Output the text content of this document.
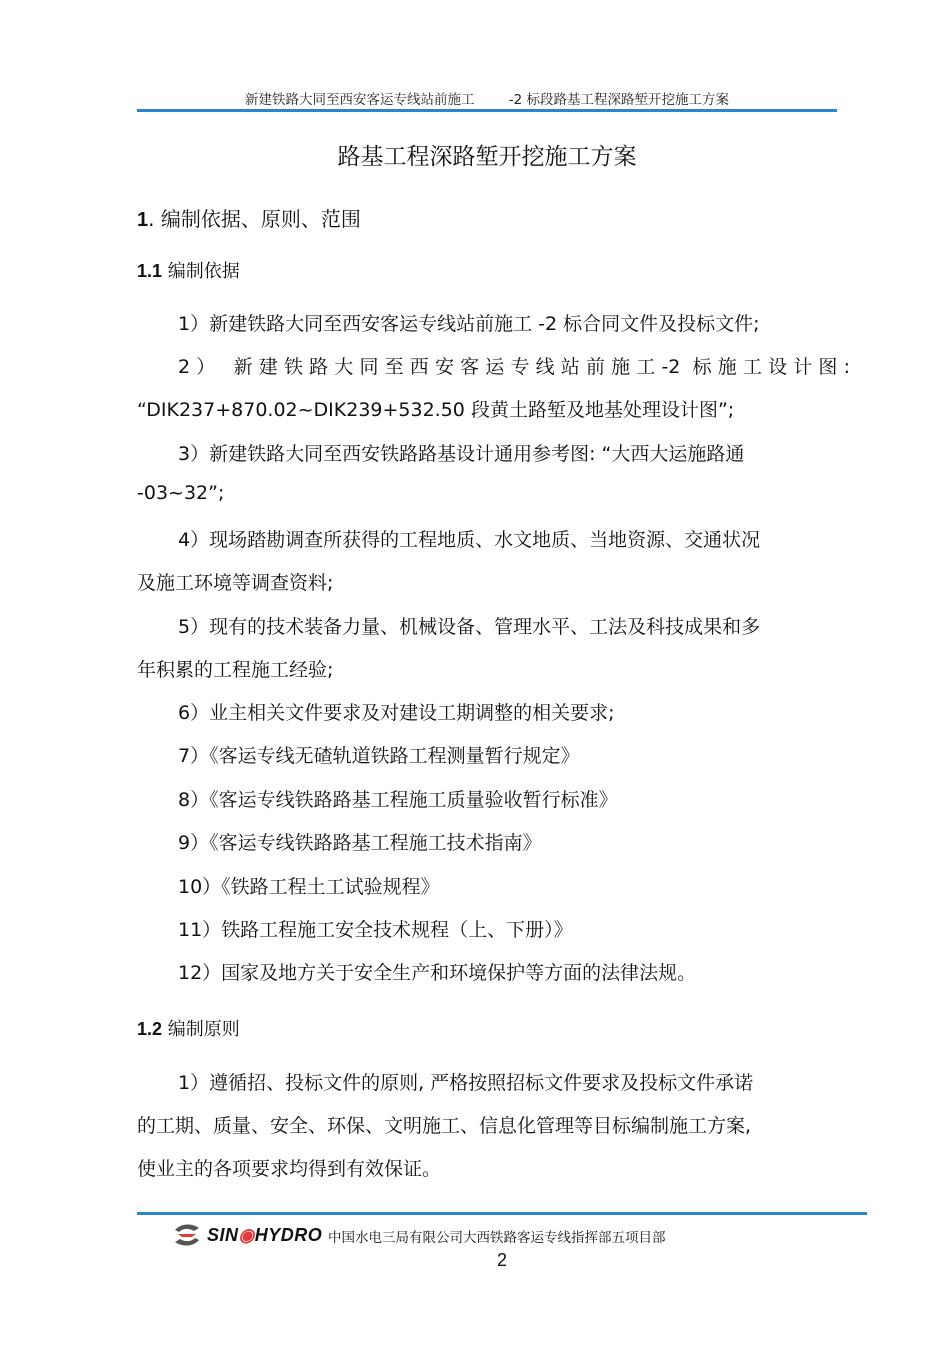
新建铁路大同至西安客运专线站前施工        -2 标段路基工程深路堑开挖施工方案
路基工程深路堑开挖施工方案
1. 编制依据、原则、范围
1.1 编制依据
1）新建铁路大同至西安客运专线站前施工 -2 标合同文件及投标文件;
2） 新建铁路大同至西安客运专线站前施工-2 标施工设计图:
“DIK237+870.02~DIK239+532.50 段黄土路堑及地基处理设计图”;
3）新建铁路大同至西安铁路路基设计通用参考图: “大西大运施路通
-03~32”;
4）现场踏勘调查所获得的工程地质、水文地质、当地资源、交通状况
及施工环境等调查资料;
5）现有的技术装备力量、机械设备、管理水平、工法及科技成果和多
年积累的工程施工经验;
6）业主相关文件要求及对建设工期调整的相关要求;
7）《客运专线无碴轨道铁路工程测量暂行规定》
8）《客运专线铁路路基工程施工质量验收暂行标准》
9）《客运专线铁路路基工程施工技术指南》
10）《铁路工程土工试验规程》
11）铁路工程施工安全技术规程（上、下册）》
12）国家及地方关于安全生产和环境保护等方面的法律法规。
1.2 编制原则
1）遵循招、投标文件的原则, 严格按照招标文件要求及投标文件承诺
的工期、质量、安全、环保、文明施工、信息化管理等目标编制施工方案,
使业主的各项要求均得到有效保证。
SIN◉HYDRO 中国水电三局有限公司大西铁路客运专线指挥部五项目部
2
